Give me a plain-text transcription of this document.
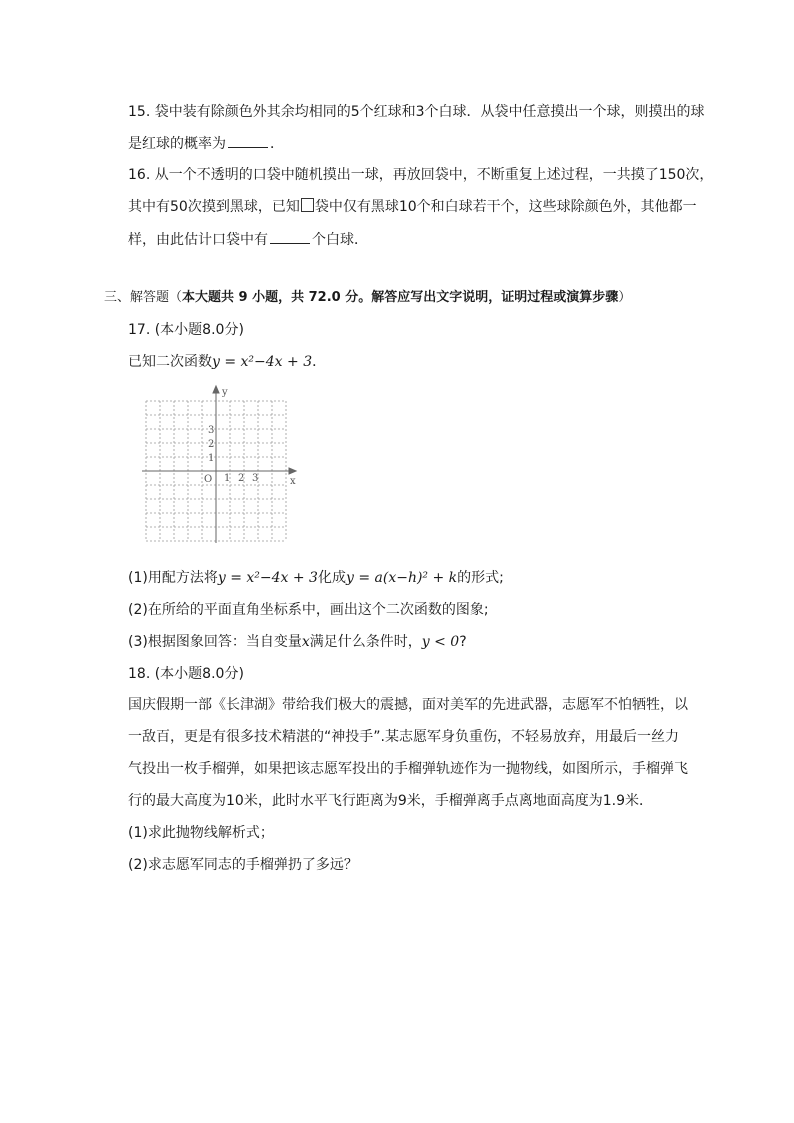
15. 袋中装有除颜色外其余均相同的5个红球和3个白球．从袋中任意摸出一个球，则摸出的球
是红球的概率为	．
16. 从一个不透明的口袋中随机摸出一球，再放回袋中，不断重复上述过程，一共摸了150次，
其中有50次摸到黑球，已知 袋中仅有黑球10个和白球若干个，这些球除颜色外，其他都一
样，由此估计口袋中有	个白球．
三、解答题（本大题共 9 小题，共 72.0 分。解答应写出文字说明，证明过程或演算步骤）
17. (本小题8.0分)
已知二次函数y = x²−4x + 3．
y
x
O 1 2 3
1
2
3
(1)用配方法将y = x²−4x + 3化成y = a(x−h)² + k的形式;
(2)在所给的平面直角坐标系中，画出这个二次函数的图象;
(3)根据图象回答：当自变量x满足什么条件时，y < 0?
18. (本小题8.0分)
国庆假期一部《长津湖》带给我们极大的震撼，面对美军的先进武器，志愿军不怕牺牲，以
一敌百，更是有很多技术精湛的“神投手”.某志愿军身负重伤，不轻易放弃，用最后一丝力
气投出一枚手榴弹，如果把该志愿军投出的手榴弹轨迹作为一抛物线，如图所示，手榴弹飞
行的最大高度为10米，此时水平飞行距离为9米，手榴弹离手点离地面高度为1.9米．
(1)求此抛物线解析式；
(2)求志愿军同志的手榴弹扔了多远？
